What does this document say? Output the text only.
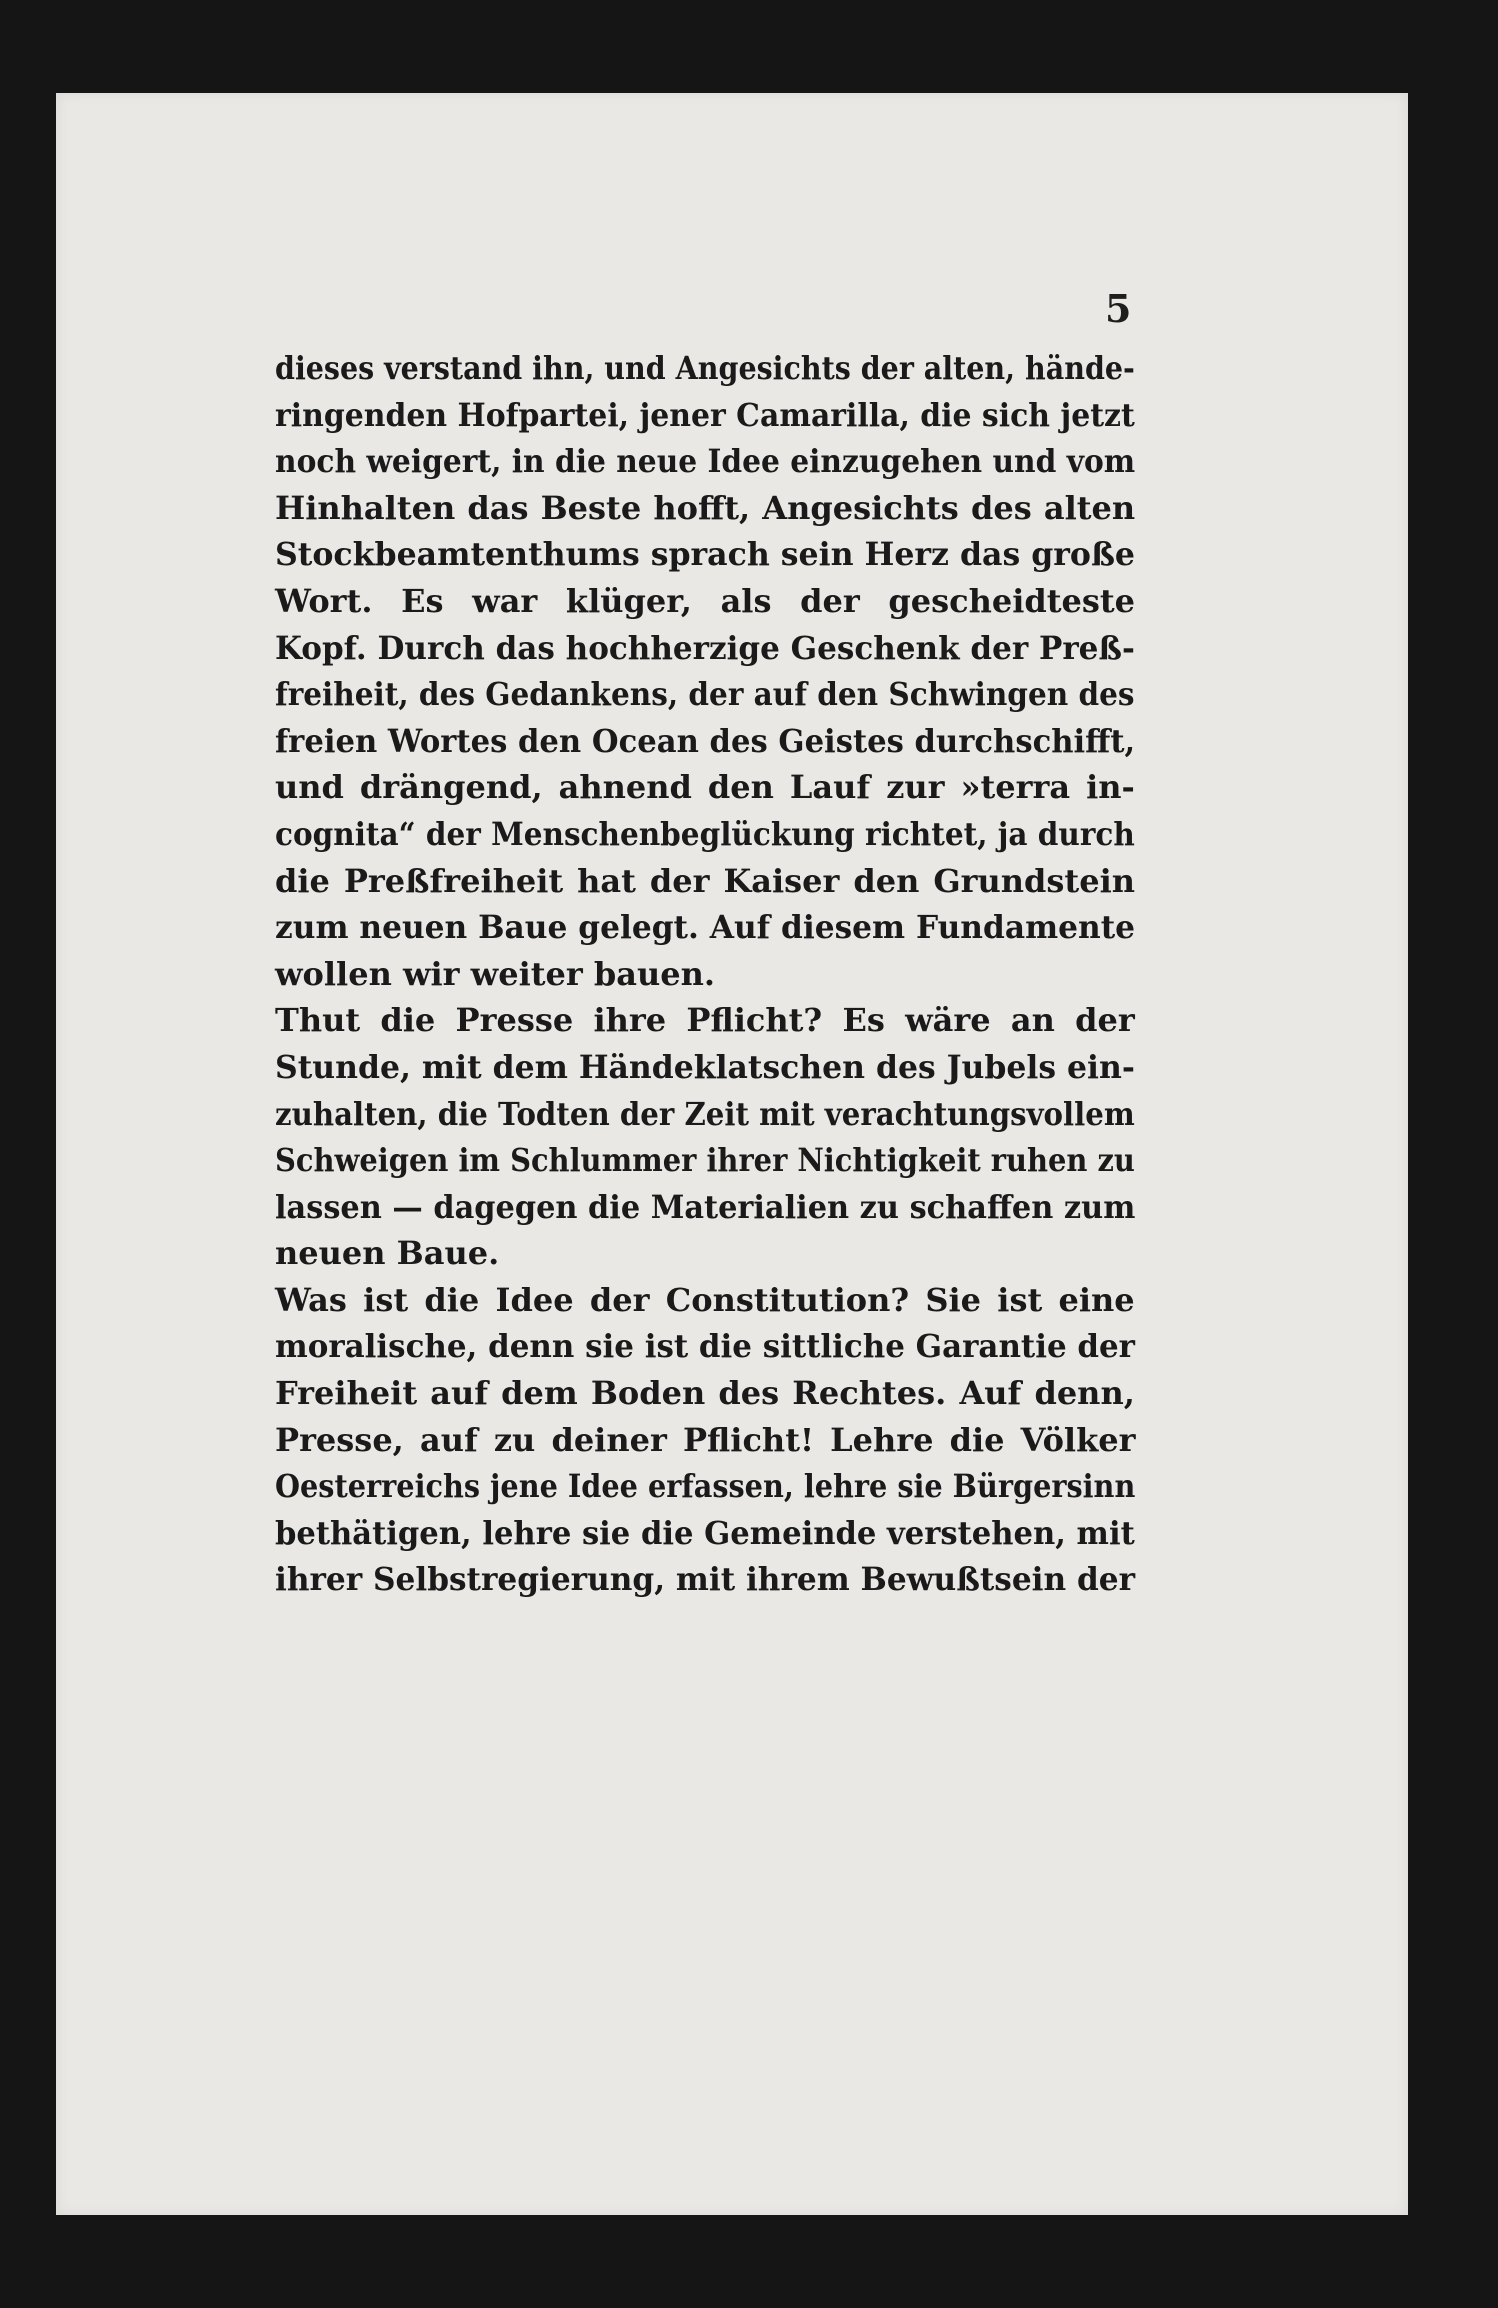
5
dieses verstand ihn, und Angesichts der alten, hände-
ringenden Hofpartei, jener Camarilla, die sich jetzt
noch weigert, in die neue Idee einzugehen und vom
Hinhalten das Beste hofft, Angesichts des alten
Stockbeamtenthums sprach sein Herz das große
Wort. Es war klüger, als der gescheidteste
Kopf. Durch das hochherzige Geschenk der Preß-
freiheit, des Gedankens, der auf den Schwingen des
freien Wortes den Ocean des Geistes durchschifft,
und drängend, ahnend den Lauf zur »terra in-
cognita“ der Menschenbeglückung richtet, ja durch
die Preßfreiheit hat der Kaiser den Grundstein
zum neuen Baue gelegt. Auf diesem Fundamente
wollen wir weiter bauen.
Thut die Presse ihre Pflicht? Es wäre an der
Stunde, mit dem Händeklatschen des Jubels ein-
zuhalten, die Todten der Zeit mit verachtungsvollem
Schweigen im Schlummer ihrer Nichtigkeit ruhen zu
lassen — dagegen die Materialien zu schaffen zum
neuen Baue.
Was ist die Idee der Constitution? Sie ist eine
moralische, denn sie ist die sittliche Garantie der
Freiheit auf dem Boden des Rechtes. Auf denn,
Presse, auf zu deiner Pflicht! Lehre die Völker
Oesterreichs jene Idee erfassen, lehre sie Bürgersinn
bethätigen, lehre sie die Gemeinde verstehen, mit
ihrer Selbstregierung, mit ihrem Bewußtsein der
